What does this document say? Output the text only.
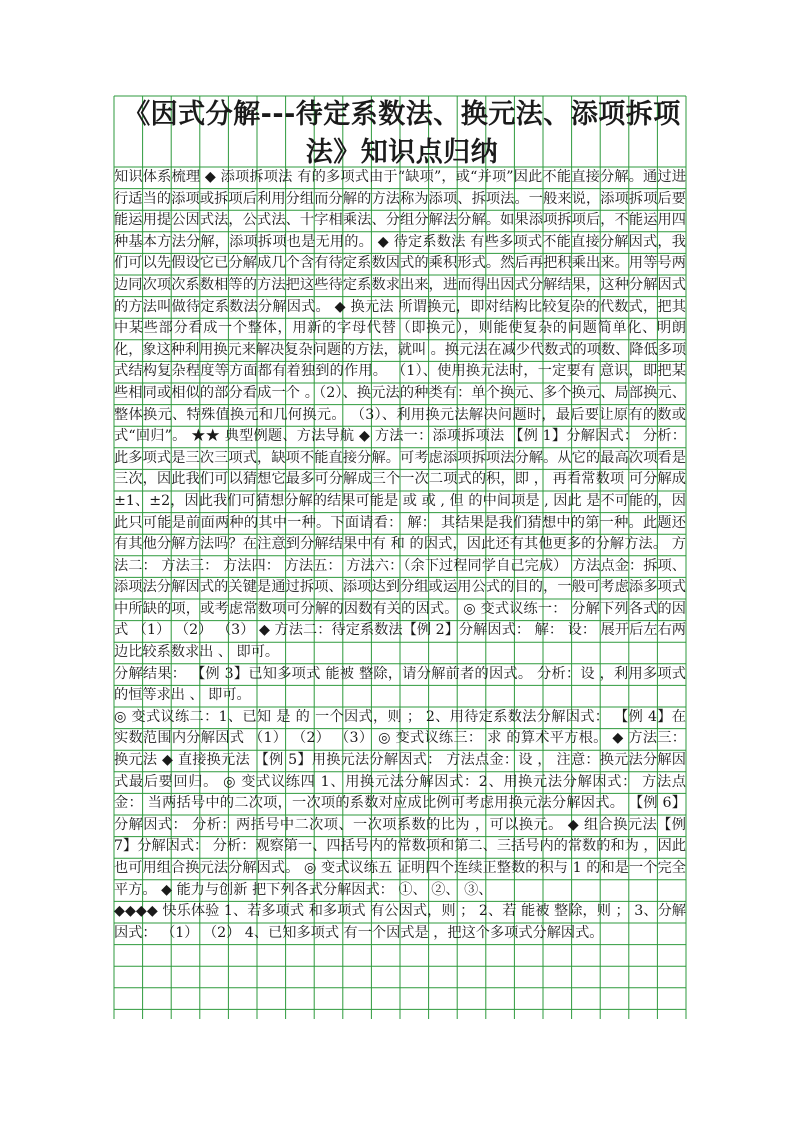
《因式分解---待定系数法、换元法、添项拆项法》知识点归纳

知识体系梳理 ◆ 添项拆项法 有的多项式由于“缺项”，或“并项”因此不能直接分解。通过进行适当的添项或拆项后利用分组而分解的方法称为添项、拆项法。一般来说，添项拆项后要能运用提公因式法，公式法、十字相乘法、分组分解法分解。如果添项拆项后，不能运用四种基本方法分解，添项拆项也是无用的。 ◆ 待定系数法 有些多项式不能直接分解因式，我们可以先假设它已分解成几个含有待定系数因式的乘积形式。然后再把积乘出来。用等号两边同次项次系数相等的方法把这些待定系数求出来，进而得出因式分解结果，这种分解因式的方法叫做待定系数法分解因式。 ◆ 换元法 所谓换元，即对结构比较复杂的代数式，把其中某些部分看成一个整体，用新的字母代替（即换元），则能使复杂的问题简单化、明朗化，象这种利用换元来解决复杂问题的方法，就叫 。换元法在减少代数式的项数、降低多项式结构复杂程度等方面都有着独到的作用。 （1）、使用换元法时，一定要有 意识，即把某些相同或相似的部分看成一个 。（2）、换元法的种类有：单个换元、多个换元、局部换元、整体换元、特殊值换元和几何换元。 （3）、利用换元法解决问题时，最后要让原有的数或式“回归”。 ★★ 典型例题、方法导航 ◆ 方法一：添项拆项法 【例 1】分解因式： 分析：此多项式是三次三项式，缺项不能直接分解。可考虑添项拆项法分解。从它的最高次项看是三次，因此我们可以猜想它最多可分解成三个一次二项式的积，即 ， 再看常数项 可分解成±1、±2，因此我们可猜想分解的结果可能是 或 或 , 但 的中间项是 , 因此 是不可能的，因此只可能是前面两种的其中一种。下面请看： 解： 其结果是我们猜想中的第一种。此题还有其他分解方法吗？在注意到分解结果中有 和 的因式，因此还有其他更多的分解方法。 方法二： 方法三： 方法四： 方法五： 方法六：（余下过程同学自己完成） 方法点金：拆项、添项法分解因式的关键是通过拆项、添项达到分组或运用公式的目的，一般可考虑添多项式中所缺的项，或考虑常数项可分解的因数有关的因式。 ◎ 变式议练一： 分解下列各式的因式 （1） （2） （3） ◆ 方法二：待定系数法【例 2】分解因式： 解： 设： 展开后左右两边比较系数求出 、 即可。

分解结果： 【例 3】已知多项式 能被 整除，请分解前者的因式。 分析：设 ，利用多项式的恒等求出 、 即可。

◎ 变式议练二：1、已知 是 的 一个因式，则 ； 2、用待定系数法分解因式： 【例 4】在实数范围内分解因式 （1） （2） （3） ◎ 变式议练三： 求 的算术平方根。 ◆ 方法三：换元法 ◆ 直接换元法 【例 5】用换元法分解因式： 方法点金：设 ， 注意：换元法分解因式最后要回归。 ◎ 变式议练四 1、用换元法分解因式：2、用换元法分解因式： 方法点金： 当两括号中的二次项，一次项的系数对应成比例可考虑用换元法分解因式。 【例 6】分解因式： 分析：两括号中二次项、一次项系数的比为 ，可以换元。 ◆ 组合换元法【例 7】分解因式： 分析：观察第一、四括号内的常数项和第二、三括号内的常数的和为 ，因此也可用组合换元法分解因式。 ◎ 变式议练五 证明四个连续正整数的积与 1 的和是一个完全平方。 ◆ 能力与创新 把下列各式分解因式： ①、 ②、 ③、

◆◆◆◆ 快乐体验 1、若多项式 和多项式 有公因式，则 ； 2、若 能被 整除，则 ； 3、分解因式： （1） （2） 4、已知多项式 有一个因式是 ，把这个多项式分解因式。
